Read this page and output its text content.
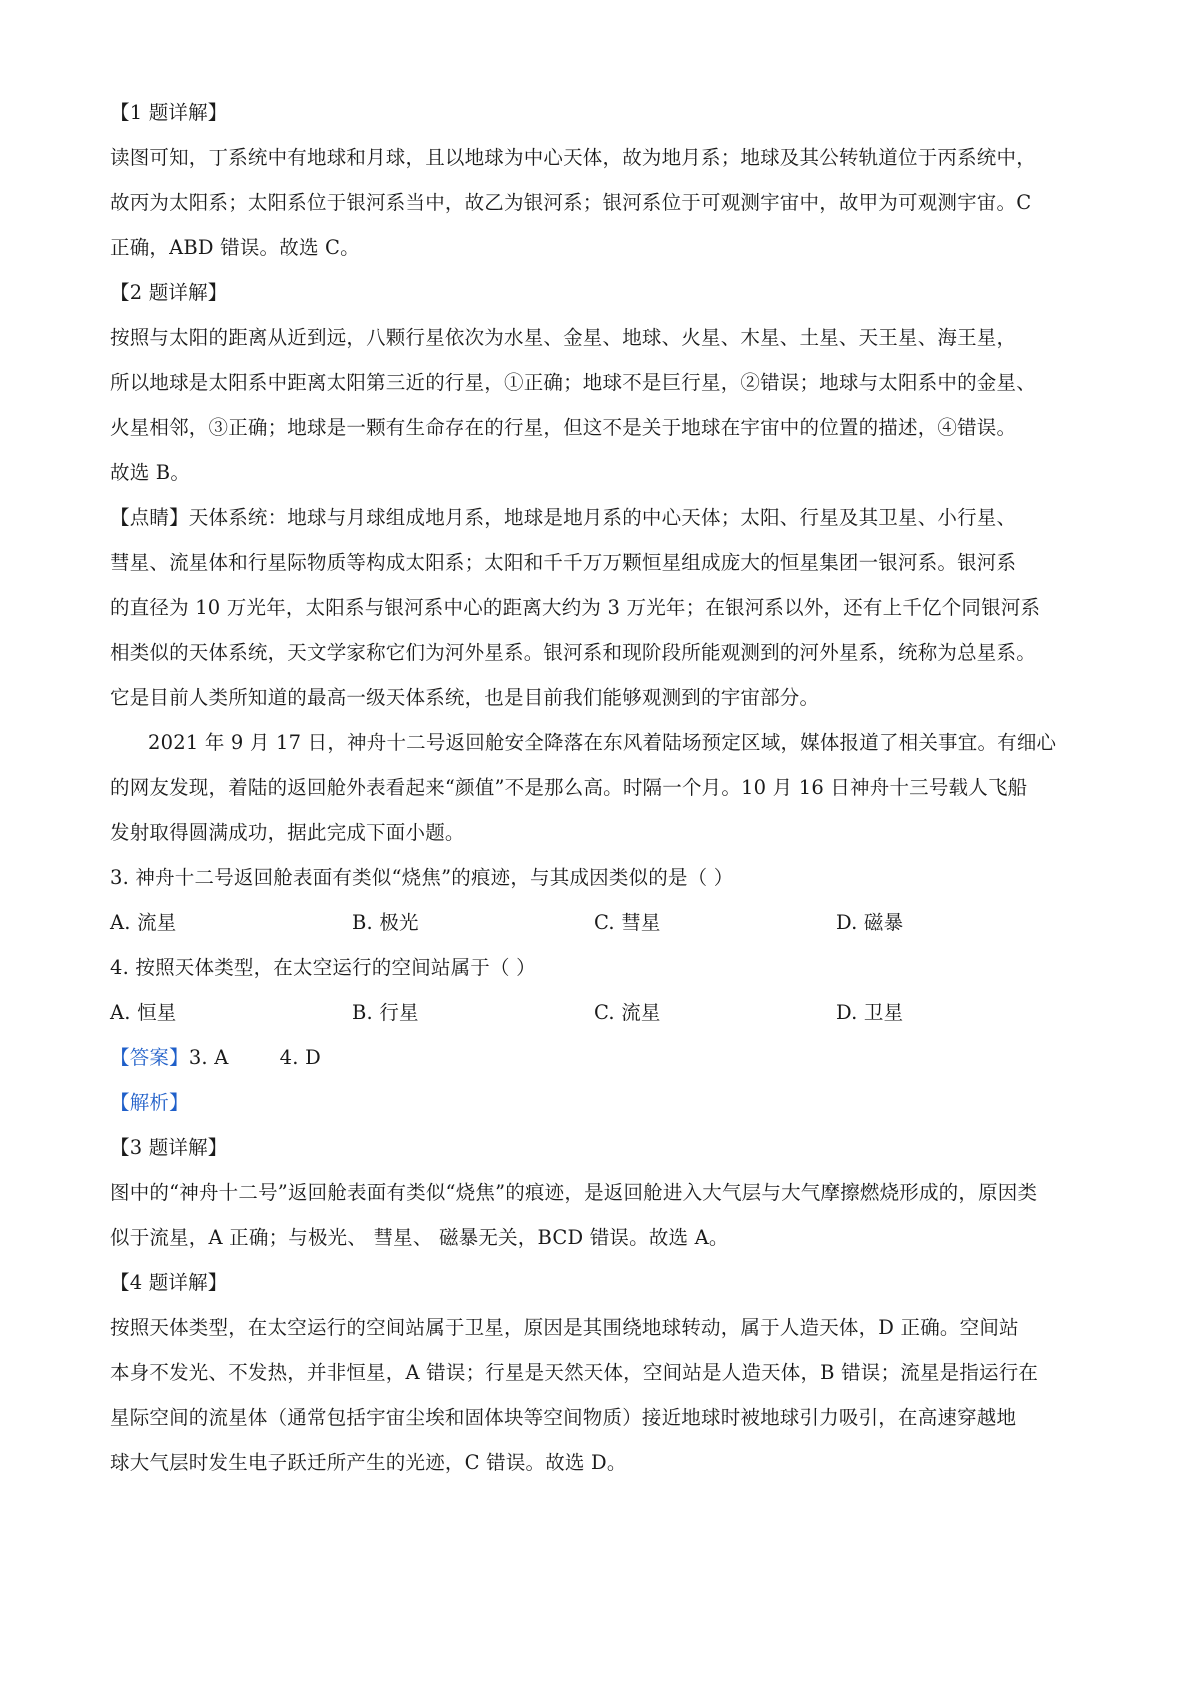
【1 题详解】
读图可知，丁系统中有地球和月球，且以地球为中心天体，故为地月系；地球及其公转轨道位于丙系统中，
故丙为太阳系；太阳系位于银河系当中，故乙为银河系；银河系位于可观测宇宙中，故甲为可观测宇宙。C
正确，ABD 错误。故选 C。
【2 题详解】
按照与太阳的距离从近到远，八颗行星依次为水星、金星、地球、火星、木星、土星、天王星、海王星，
所以地球是太阳系中距离太阳第三近的行星，①正确；地球不是巨行星，②错误；地球与太阳系中的金星、
火星相邻，③正确；地球是一颗有生命存在的行星，但这不是关于地球在宇宙中的位置的描述，④错误。
故选 B。
【点睛】天体系统：地球与月球组成地月系，地球是地月系的中心天体；太阳、行星及其卫星、小行星、
彗星、流星体和行星际物质等构成太阳系；太阳和千千万万颗恒星组成庞大的恒星集团一银河系。银河系
的直径为 10 万光年，太阳系与银河系中心的距离大约为 3 万光年；在银河系以外，还有上千亿个同银河系
相类似的天体系统，天文学家称它们为河外星系。银河系和现阶段所能观测到的河外星系，统称为总星系。
它是目前人类所知道的最高一级天体系统，也是目前我们能够观测到的宇宙部分。
2021 年 9 月 17 日，神舟十二号返回舱安全降落在东风着陆场预定区域，媒体报道了相关事宜。有细心
的网友发现，着陆的返回舱外表看起来“颜值”不是那么高。时隔一个月。10 月 16 日神舟十三号载人飞船
发射取得圆满成功，据此完成下面小题。
3. 神舟十二号返回舱表面有类似“烧焦”的痕迹，与其成因类似的是（ ）
A. 流星	B. 极光	C. 彗星	D. 磁暴
4. 按照天体类型，在太空运行的空间站属于（ ）
A. 恒星	B. 行星	C. 流星	D. 卫星
【答案】3. A        4. D
【解析】
【3 题详解】
图中的“神舟十二号”返回舱表面有类似“烧焦”的痕迹，是返回舱进入大气层与大气摩擦燃烧形成的，原因类
似于流星，A 正确；与极光、 彗星、 磁暴无关，BCD 错误。故选 A。
【4 题详解】
按照天体类型，在太空运行的空间站属于卫星，原因是其围绕地球转动，属于人造天体，D 正确。空间站
本身不发光、不发热，并非恒星，A 错误；行星是天然天体，空间站是人造天体，B 错误；流星是指运行在
星际空间的流星体（通常包括宇宙尘埃和固体块等空间物质）接近地球时被地球引力吸引，在高速穿越地
球大气层时发生电子跃迁所产生的光迹，C 错误。故选 D。
